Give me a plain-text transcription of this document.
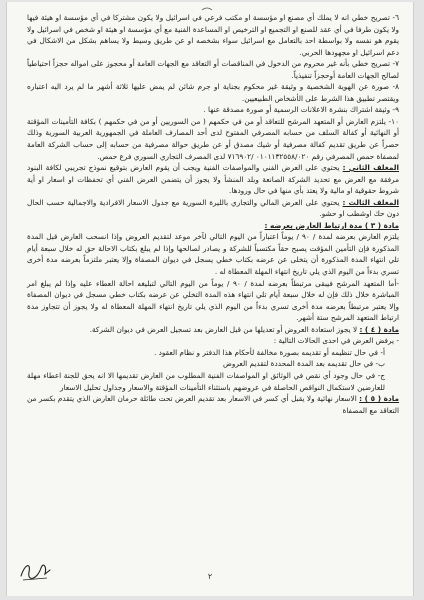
٦- تصريح خطي انه لا يملك أي مصنع او مؤسسة او مكتب فرعي في اسرائيل ولا يكون مشتركا في أي مؤسسة او هيئة فيها ولا يكون طرفا في أي عقد للصنع او التجميع او الترخيص او المساعدة الفنية مع أي مؤسسة او هيئة او شخص في اسرائيل ولا يقوم هو نفسه ولا بواسطة احد بالتعامل مع اسرائيل سواء بشخصه او عن طريق وسيط ولا يساهم بشكل من الاشكال في دعم اسرائيل او مجهودها الحربي.

٧- تصريح خطي بأنه غير محروم من الدخول في المناقصات أو التعاقد مع الجهات العامة أو محجوز على امواله حجزاً احتياطياً لصالح الجهات العامة أوحجزاً تنفيذياً.

٨- صورة عن الهوية الشخصية و وثيقة غير محكوم بجناية او جرم شائن لم يمض عليها ثلاثة أشهر ما لم يرد اليه اعتباره ويقتصر تطبيق هذا الشرط على الأشخاص الطبيعيين.

٩- وثيقة اشتراك بنشرة الاعلانات الرسمية أو صورة مصدقة عنها .

١٠- يلتزم العارض أو المتعهد المرشح للتعاقد أو من في حكمهم ( من السوريين أو من في حكمهم ) بكافة التأمينات المؤقتة أو النهائية أو كفالة السلف من حسابه المصرفي المفتوح لدى أحد المصارف العاملة في الجمهورية العربية السورية وذلك حصراً عن طريق تقديم كفالة مصرفية أو شيك مصدق أو عن طريق حوالة مصرفية من حسابه إلى حساب الشركة العامة لمصفاة حمص المصرفي رقم ٠١٠١١٣٢٥٥٨/٠٢٠ /٧١٦٩٠٢ لدى المصرف التجاري السوري فرع حمص.

المغلف الثاني : يحتوي على العرض الفني والمواصفات الفنية ويجب أن يقوم العارض بتوقيع نموذج تجريبي لكافة البنود مرفقة مع العرض مع تحديد الشركة الصانعة وبلد المنشأ ولا يجوز أن يتضمن العرض الفني أي تحفظات او اسعار او أية شروط حقوقية او مالية ولا يعتد بأي منها في حال ورودها.

المغلف الثالث : يحتوي على العرض المالي والتجاري بالليرة السورية مع جدول الاسعار الافرادية والاجمالية حسب الحال دون حك اوشطب او حشو.

مادة ( ٣ ) مدة ارتباط العارض بعرضه :

يلتزم العارض بعرضه لمدة / ٩٠ / يوماً اعتباراً من اليوم التالي لآخر موعد لتقديم العروض وإذا انسحب العارض قبل المدة المذكورة فإن التأمين المؤقت يصبح حقاً مكتسباً للشركة و يصادر لصالحها وإذا لم يبلغ بكتاب الاحالة حق له خلال سبعة أيام تلي انتهاء المدة المذكورة أن يتخلى عن عرضه بكتاب خطي يسجل في ديوان المصفاة وإلا يعتبر ملتزماً بعرضه مدة أخرى تسري بدءاً من اليوم الذي يلي تاريخ انتهاء المهلة المعطاة له .

-أما المتعهد المرشح فيبقى مرتبطاً بعرضه لمدة / ٩٠ / يوماً من اليوم التالي لتبليغه احالة العطاء عليه وإذا لم يبلغ امر المباشرة خلال ذلك فإن له خلال سبعة أيام تلي انتهاء هذه المدة التخلي عن عرضه بكتاب خطي مسجل في ديوان المصفاة وإلا يعتبر مرتبطاً بعرضه مدة أخرى تسري بدءاً من اليوم الذي يلي تاريخ انتهاء المهلة المعطاة له ولا يجوز أن تتجاوز مدة ارتباط المتعهد المرشح ستة أشهر.

مادة ( ٤ ) : لا يجوز استعادة العروض أو تعديلها من قبل العارض بعد تسجيل العرض في ديوان الشركة.

- يرفض العرض في احدى الحالات التالية :

أ- في حال تنظيمه أو تقديمه بصورة مخالفة لأحكام هذا الدفتر و نظام العقود .

ب- في حال تقديمه بعد المدة المحددة لتقديم العروض

ج- في حال وجود أي نقص في الوثائق او المواصفات الفنية المطلوب من العارض تقديمها الا انه يحق للجنة اعطاء مهلة للعارضين لاستكمال النواقص الحاصلة في عروضهم باستثناء التأمينات المؤقتة والاسعار وجداول تحليل الاسعار

مادة ( ٥ ) : الاسعار نهائية ولا يقبل أي كسر في الاسعار بعد تقديم العرض تحت طائلة حرمان العارض الذي يتقدم بكسر من التعاقد مع المصفاة

٢
